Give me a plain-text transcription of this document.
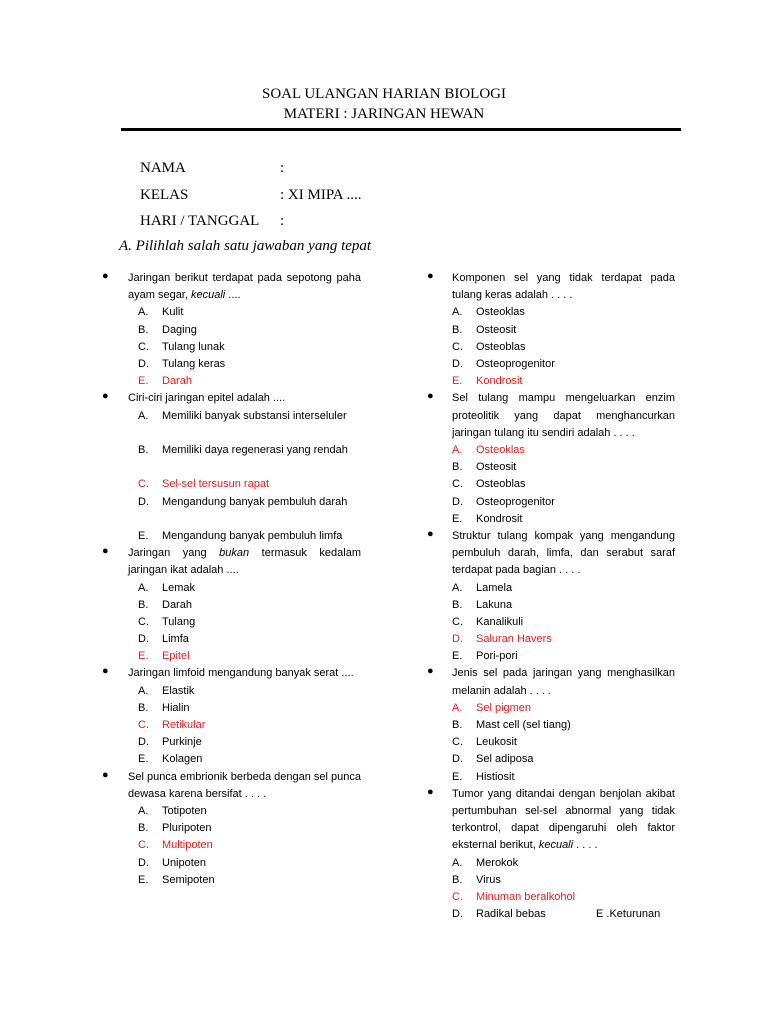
SOAL ULANGAN HARIAN BIOLOGI
MATERI : JARINGAN HEWAN
NAMA	:
KELAS	: XI MIPA ....
HARI / TANGGAL :
A. Pilihlah salah satu jawaban yang tepat
● Jaringan berikut terdapat pada sepotong paha ayam segar, kecuali ....
A. Kulit
B. Daging
C. Tulang lunak
D. Tulang keras
E. Darah
● Ciri-ciri jaringan epitel adalah ....
A. Memiliki banyak substansi interseluler
B. Memiliki daya regenerasi yang rendah
C. Sel-sel tersusun rapat
D. Mengandung banyak pembuluh darah
E. Mengandung banyak pembuluh limfa
● Jaringan yang bukan termasuk kedalam jaringan ikat adalah ....
A. Lemak
B. Darah
C. Tulang
D. Limfa
E. Epitel
● Jaringan limfoid mengandung banyak serat ....
A. Elastik
B. Hialin
C. Retikular
D. Purkinje
E. Kolagen
● Sel punca embrionik berbeda dengan sel punca dewasa karena bersifat . . . .
A. Totipoten
B. Pluripoten
C. Multipoten
D. Unipoten
E. Semipoten
● Komponen sel yang tidak terdapat pada tulang keras adalah . . . .
A. Osteoklas
B. Osteosit
C. Osteoblas
D. Osteoprogenitor
E. Kondrosit
● Sel tulang mampu mengeluarkan enzim proteolitik yang dapat menghancurkan jaringan tulang itu sendiri adalah . . . .
A. Osteoklas
B. Osteosit
C. Osteoblas
D. Osteoprogenitor
E. Kondrosit
● Struktur tulang kompak yang mengandung pembuluh darah, limfa, dan serabut saraf terdapat pada bagian . . . .
A. Lamela
B. Lakuna
C. Kanalikuli
D. Saluran Havers
E. Pori-pori
● Jenis sel pada jaringan yang menghasilkan melanin adalah . . . .
A. Sel pigmen
B. Mast cell (sel tiang)
C. Leukosit
D. Sel adiposa
E. Histiosit
● Tumor yang ditandai dengan benjolan akibat pertumbuhan sel-sel abnormal yang tidak terkontrol, dapat dipengaruhi oleh faktor eksternal berikut, kecuali . . . .
A. Merokok
B. Virus
C. Minuman beralkohol
D. Radikal bebas	E .Keturunan
